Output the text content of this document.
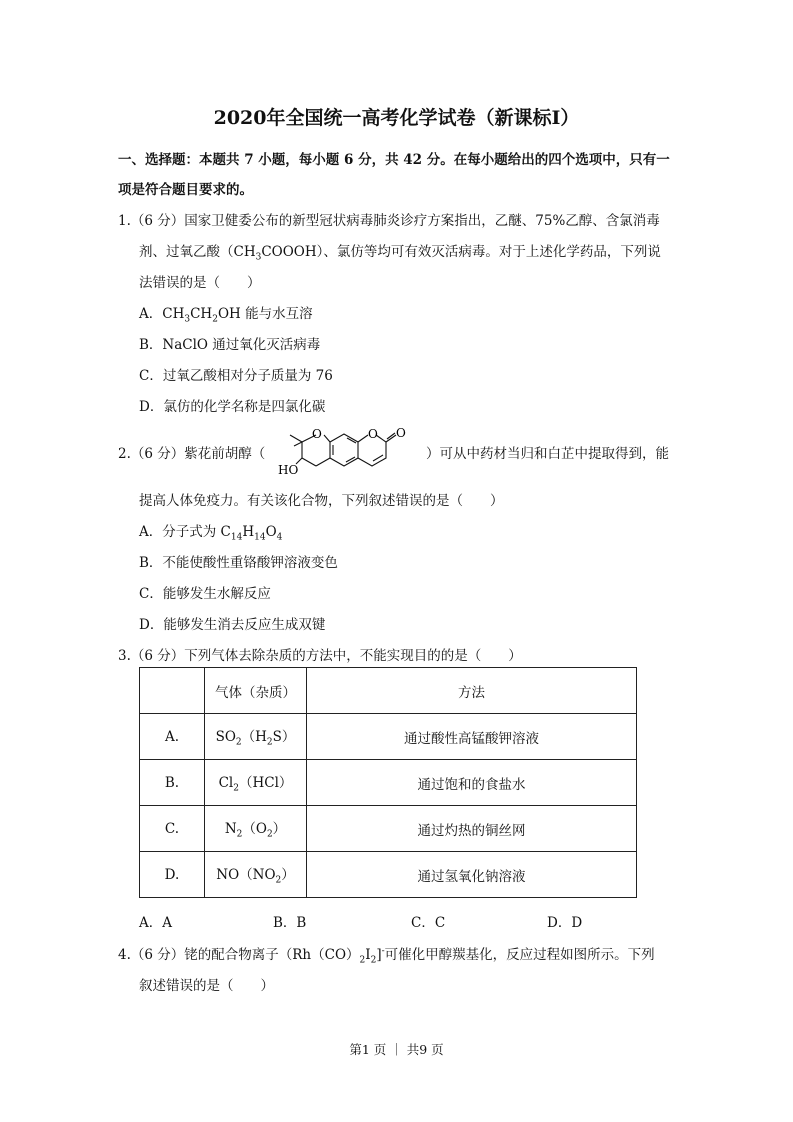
2020年全国统一高考化学试卷（新课标Ⅰ）
一、选择题：本题共 7 小题，每小题 6 分，共 42 分。在每小题给出的四个选项中，只有一
项是符合题目要求的。
1.（6 分）国家卫健委公布的新型冠状病毒肺炎诊疗方案指出，乙醚、75%乙醇、含氯消毒
剂、过氧乙酸$(CH_3COOOH)$、氯仿等均可有效灭活病毒。对于上述化学药品，下列说
法错误的是（　　）
A．$CH_3CH_2OH$ 能与水互溶
B．NaClO 通过氧化灭活病毒
C．过氧乙酸相对分子质量为 76
D．氯仿的化学名称是四氯化碳
2.（6 分）紫花前胡醇（
O	O O
HO
）可从中药材当归和白芷中提取得到，能
提高人体免疫力。有关该化合物，下列叙述错误的是（　　）
A．分子式为 $C_{14}H_{14}O_4$
B．不能使酸性重铬酸钾溶液变色
C．能够发生水解反应
D．能够发生消去反应生成双键
3.（6 分）下列气体去除杂质的方法中，不能实现目的的是（　　）
	气体（杂质）	方法
A.	$SO_2(H_2S)$	通过酸性高锰酸钾溶液
B.	$Cl_2(HCl)$	通过饱和的食盐水
C.	$N_2(O_2)$	通过灼热的铜丝网
D.	$NO(NO_2)$	通过氢氧化钠溶液
A．A	B．B	C．C	D．D
4.（6 分）铑的配合物离子$(Rh(CO)_2I_2]^-$可催化甲醇羰基化，反应过程如图所示。下列
叙述错误的是（　　）
第1 页 ｜ 共9 页
